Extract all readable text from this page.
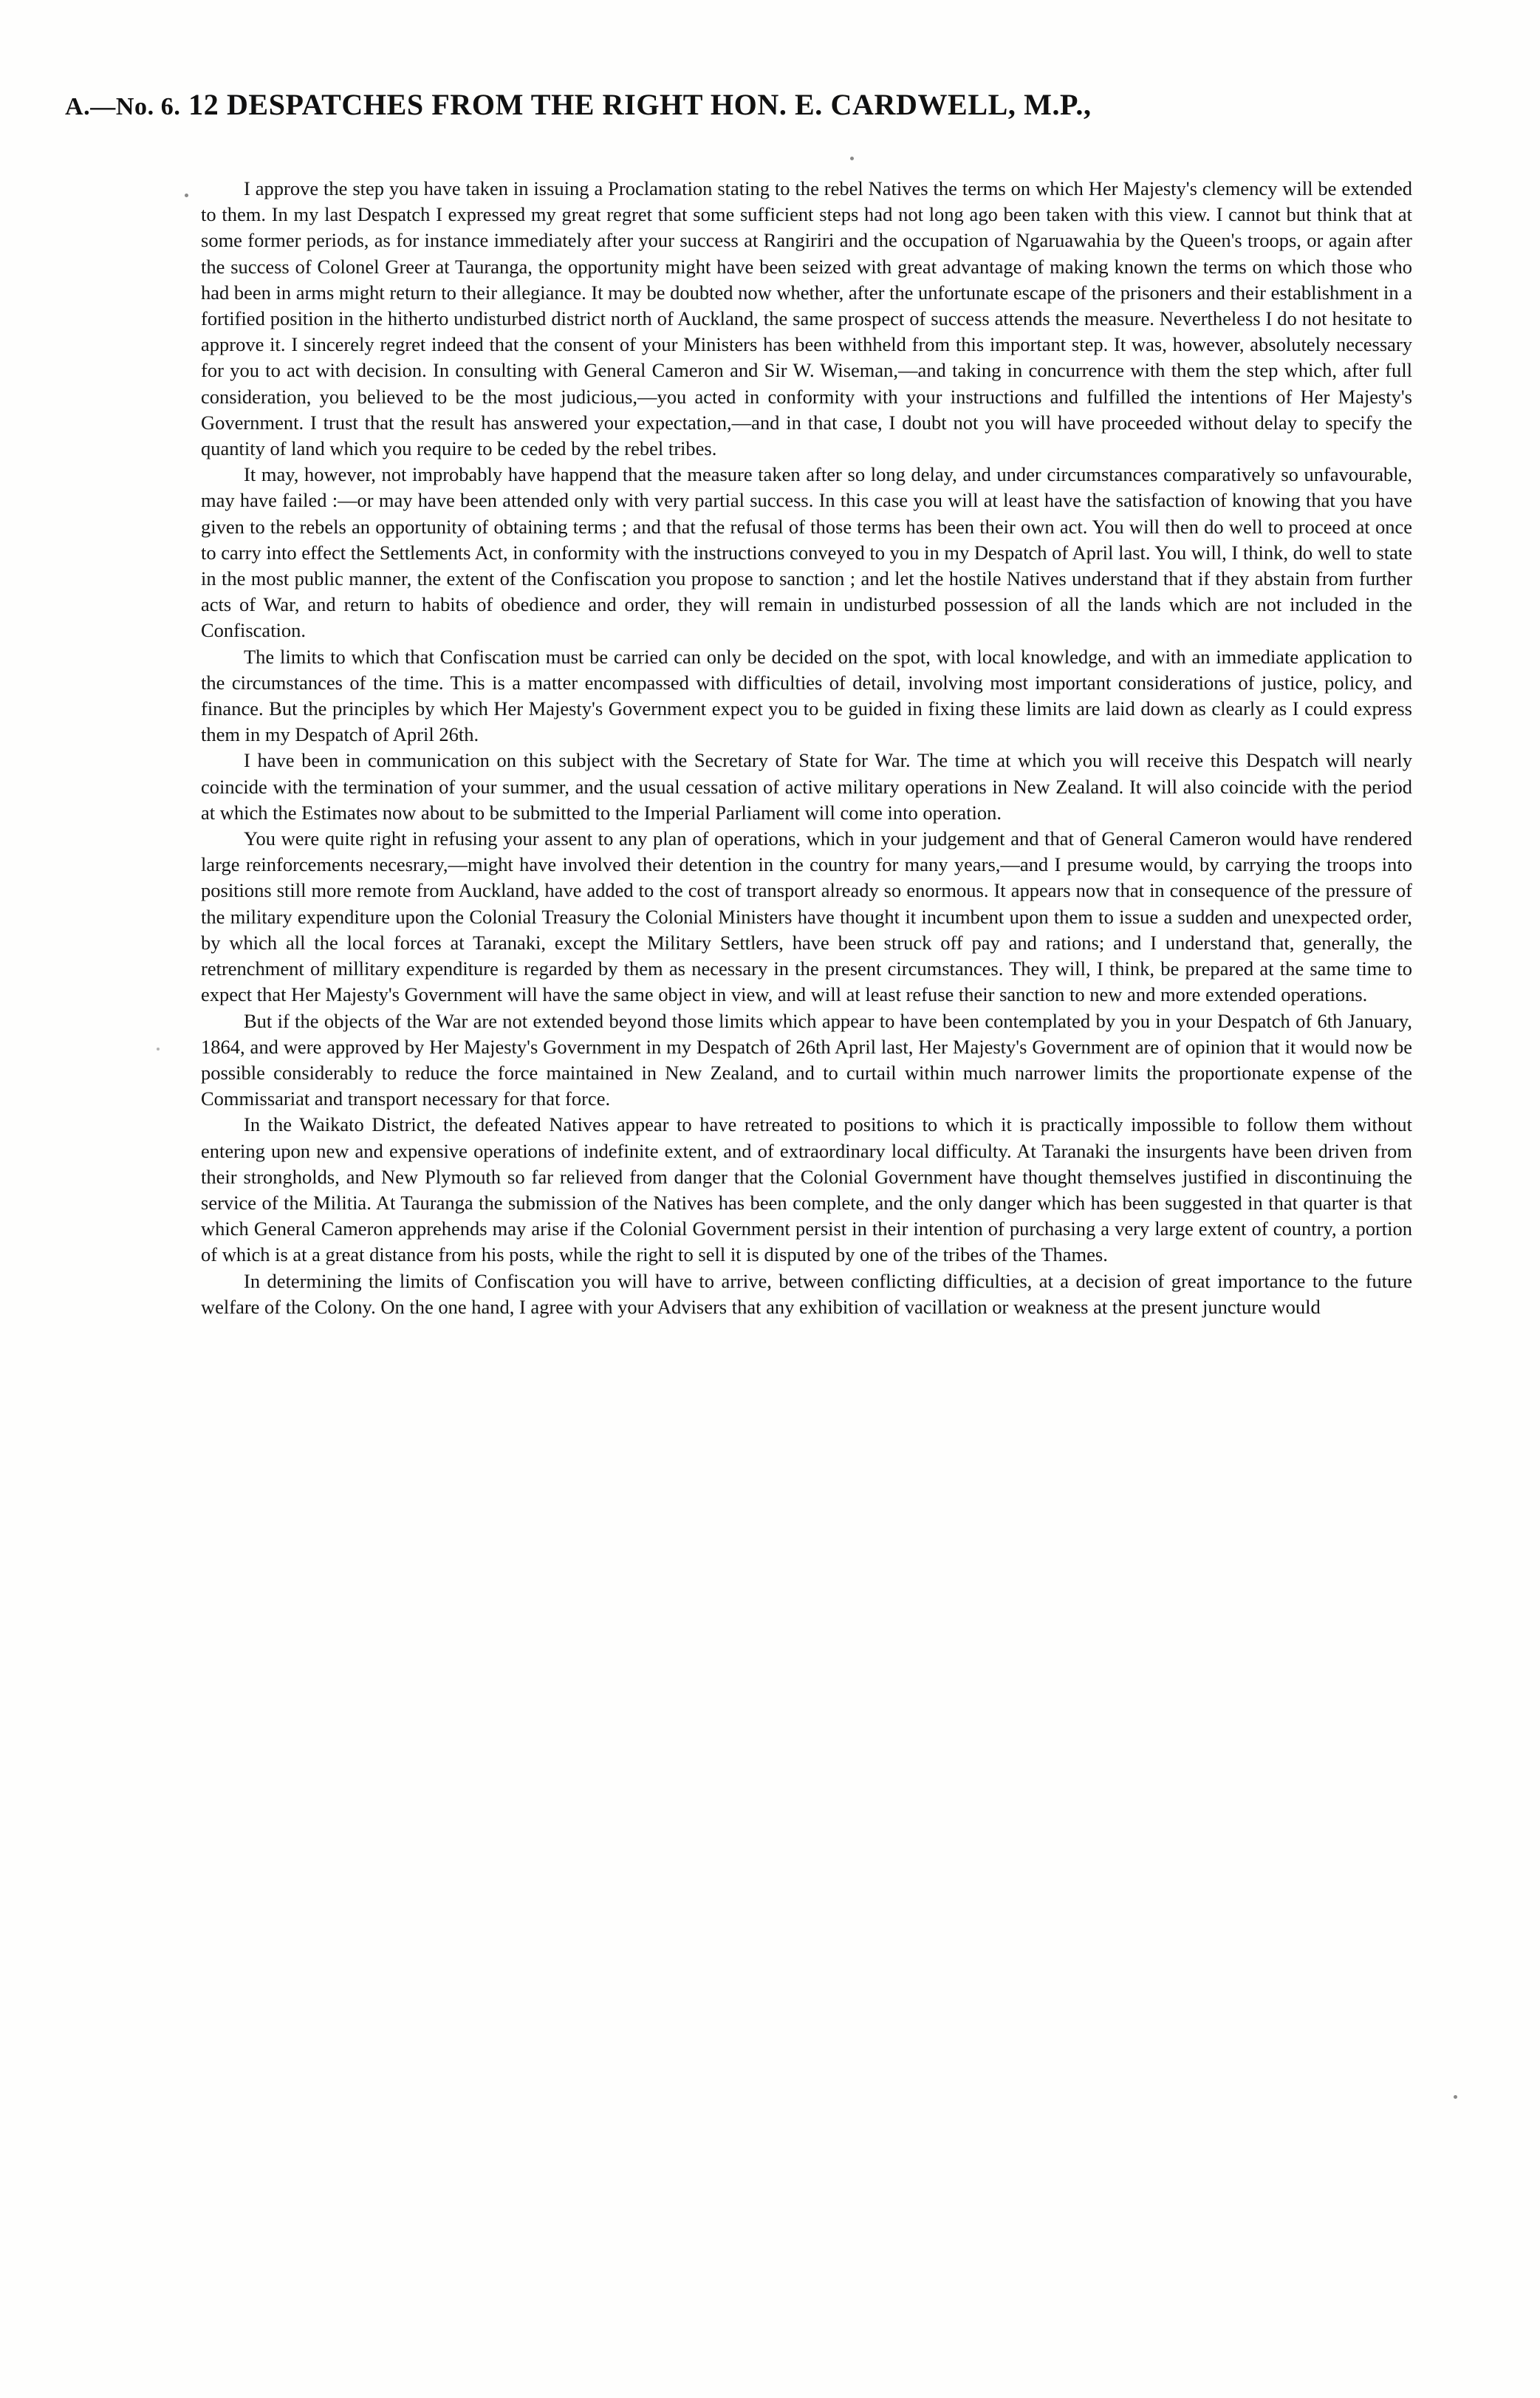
A.—No. 6. 12 DESPATCHES FROM THE RIGHT HON. E. CARDWELL, M.P.,

I approve the step you have taken in issuing a Proclamation stating to the rebel Natives the terms on which Her Majesty's clemency will be extended to them. In my last Despatch I expressed my great regret that some sufficient steps had not long ago been taken with this view. I cannot but think that at some former periods, as for instance immediately after your success at Rangiriri and the occupation of Ngaruawahia by the Queen's troops, or again after the success of Colonel Greer at Tauranga, the opportunity might have been seized with great advantage of making known the terms on which those who had been in arms might return to their allegiance. It may be doubted now whether, after the unfortunate escape of the prisoners and their establishment in a fortified position in the hitherto undisturbed district north of Auckland, the same prospect of success attends the measure. Nevertheless I do not hesitate to approve it. I sincerely regret indeed that the consent of your Ministers has been withheld from this important step. It was, however, absolutely necessary for you to act with decision. In consulting with General Cameron and Sir W. Wiseman,—and taking in concurrence with them the step which, after full consideration, you believed to be the most judicious,—you acted in conformity with your instructions and fulfilled the intentions of Her Majesty's Government. I trust that the result has answered your expectation,—and in that case, I doubt not you will have proceeded without delay to specify the quantity of land which you require to be ceded by the rebel tribes.

It may, however, not improbably have happend that the measure taken after so long delay, and under circumstances comparatively so unfavourable, may have failed :—or may have been attended only with very partial success. In this case you will at least have the satisfaction of knowing that you have given to the rebels an opportunity of obtaining terms ; and that the refusal of those terms has been their own act. You will then do well to proceed at once to carry into effect the Settlements Act, in conformity with the instructions conveyed to you in my Despatch of April last. You will, I think, do well to state in the most public manner, the extent of the Confiscation you propose to sanction ; and let the hostile Natives understand that if they abstain from further acts of War, and return to habits of obedience and order, they will remain in undisturbed possession of all the lands which are not included in the Confiscation.

The limits to which that Confiscation must be carried can only be decided on the spot, with local knowledge, and with an immediate application to the circumstances of the time. This is a matter encompassed with difficulties of detail, involving most important considerations of justice, policy, and finance. But the principles by which Her Majesty's Government expect you to be guided in fixing these limits are laid down as clearly as I could express them in my Despatch of April 26th.

I have been in communication on this subject with the Secretary of State for War. The time at which you will receive this Despatch will nearly coincide with the termination of your summer, and the usual cessation of active military operations in New Zealand. It will also coincide with the period at which the Estimates now about to be submitted to the Imperial Parliament will come into operation.

You were quite right in refusing your assent to any plan of operations, which in your judgement and that of General Cameron would have rendered large reinforcements necesrary,—might have involved their detention in the country for many years,—and I presume would, by carrying the troops into positions still more remote from Auckland, have added to the cost of transport already so enormous. It appears now that in consequence of the pressure of the military expenditure upon the Colonial Treasury the Colonial Ministers have thought it incumbent upon them to issue a sudden and unexpected order, by which all the local forces at Taranaki, except the Military Settlers, have been struck off pay and rations; and I understand that, generally, the retrenchment of millitary expenditure is regarded by them as necessary in the present circumstances. They will, I think, be prepared at the same time to expect that Her Majesty's Government will have the same object in view, and will at least refuse their sanction to new and more extended operations.

But if the objects of the War are not extended beyond those limits which appear to have been contemplated by you in your Despatch of 6th January, 1864, and were approved by Her Majesty's Government in my Despatch of 26th April last, Her Majesty's Government are of opinion that it would now be possible considerably to reduce the force maintained in New Zealand, and to curtail within much narrower limits the proportionate expense of the Commissariat and transport necessary for that force.

In the Waikato District, the defeated Natives appear to have retreated to positions to which it is practically impossible to follow them without entering upon new and expensive operations of indefinite extent, and of extraordinary local difficulty. At Taranaki the insurgents have been driven from their strongholds, and New Plymouth so far relieved from danger that the Colonial Government have thought themselves justified in discontinuing the service of the Militia. At Tauranga the submission of the Natives has been complete, and the only danger which has been suggested in that quarter is that which General Cameron apprehends may arise if the Colonial Government persist in their intention of purchasing a very large extent of country, a portion of which is at a great distance from his posts, while the right to sell it is disputed by one of the tribes of the Thames.

In determining the limits of Confiscation you will have to arrive, between conflicting difficulties, at a decision of great importance to the future welfare of the Colony. On the one hand, I agree with your Advisers that any exhibition of vacillation or weakness at the present juncture would
